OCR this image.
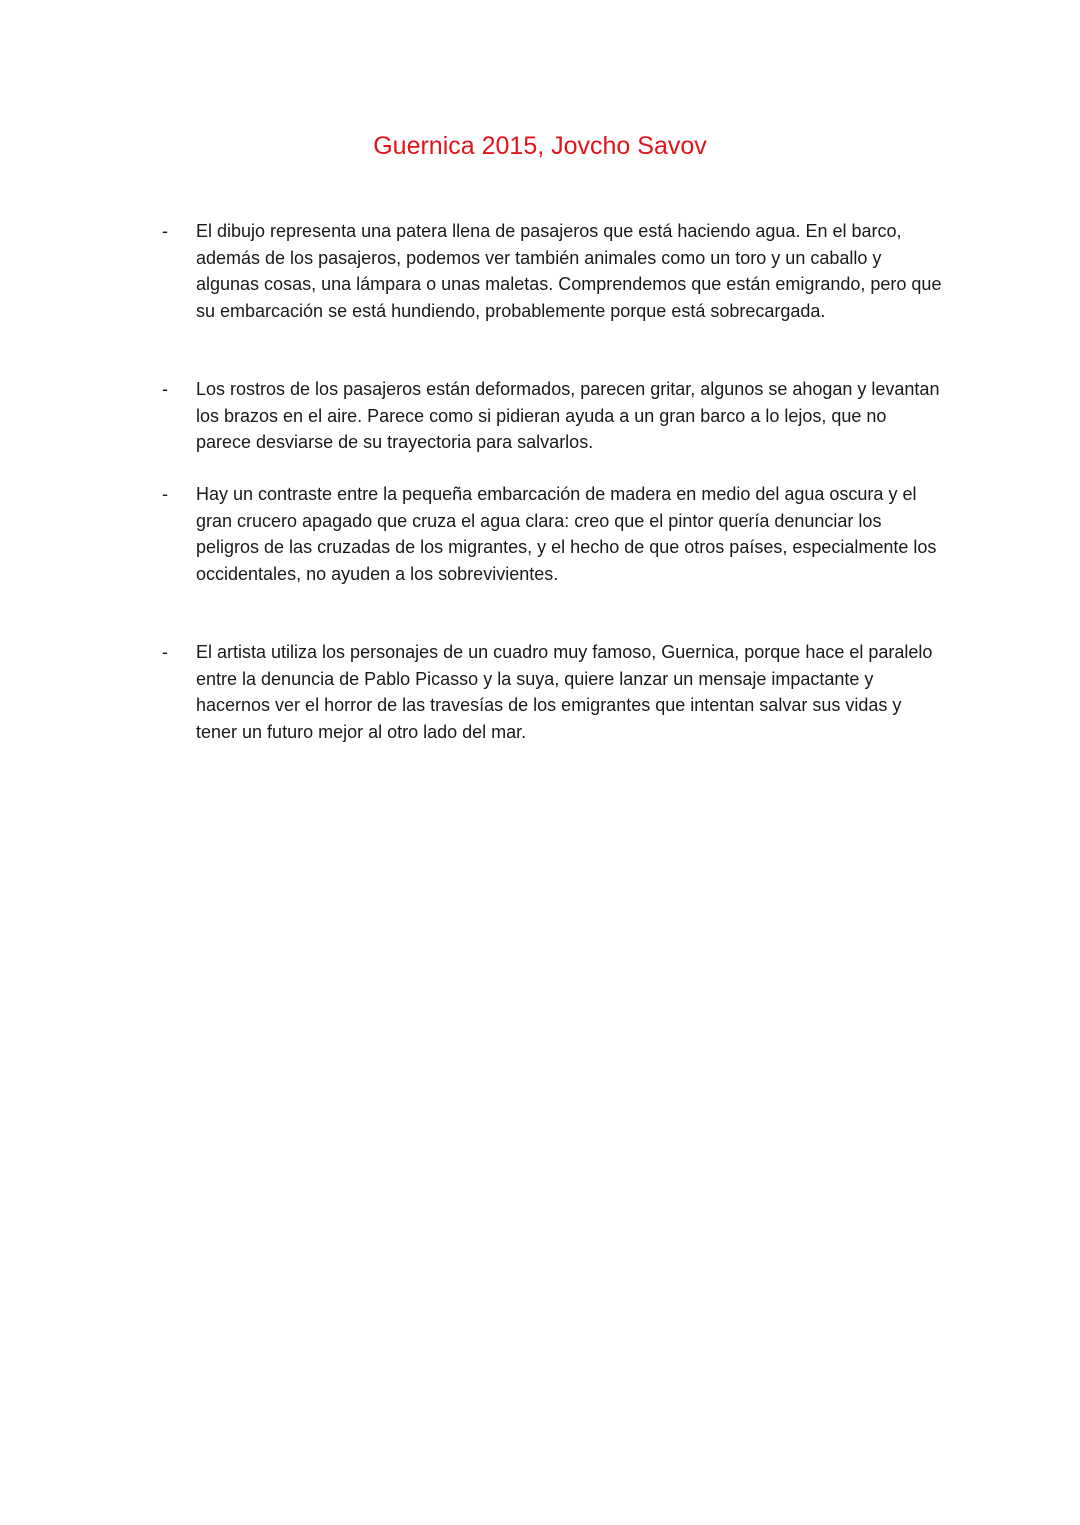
Guernica 2015, Jovcho Savov
-	El dibujo representa una patera llena de pasajeros que está haciendo agua. En el barco, además de los pasajeros, podemos ver también animales como un toro y un caballo y algunas cosas, una lámpara o unas maletas. Comprendemos que están emigrando, pero que su embarcación se está hundiendo, probablemente porque está sobrecargada.

-	Los rostros de los pasajeros están deformados, parecen gritar, algunos se ahogan y levantan los brazos en el aire. Parece como si pidieran ayuda a un gran barco a lo lejos, que no parece desviarse de su trayectoria para salvarlos.

-	Hay un contraste entre la pequeña embarcación de madera en medio del agua oscura y el gran crucero apagado que cruza el agua clara: creo que el pintor quería denunciar los peligros de las cruzadas de los migrantes, y el hecho de que otros países, especialmente los occidentales, no ayuden a los sobrevivientes.

-	El artista utiliza los personajes de un cuadro muy famoso, Guernica, porque hace el paralelo entre la denuncia de Pablo Picasso y la suya, quiere lanzar un mensaje impactante y hacernos ver el horror de las travesías de los emigrantes que intentan salvar sus vidas y tener un futuro mejor al otro lado del mar.
